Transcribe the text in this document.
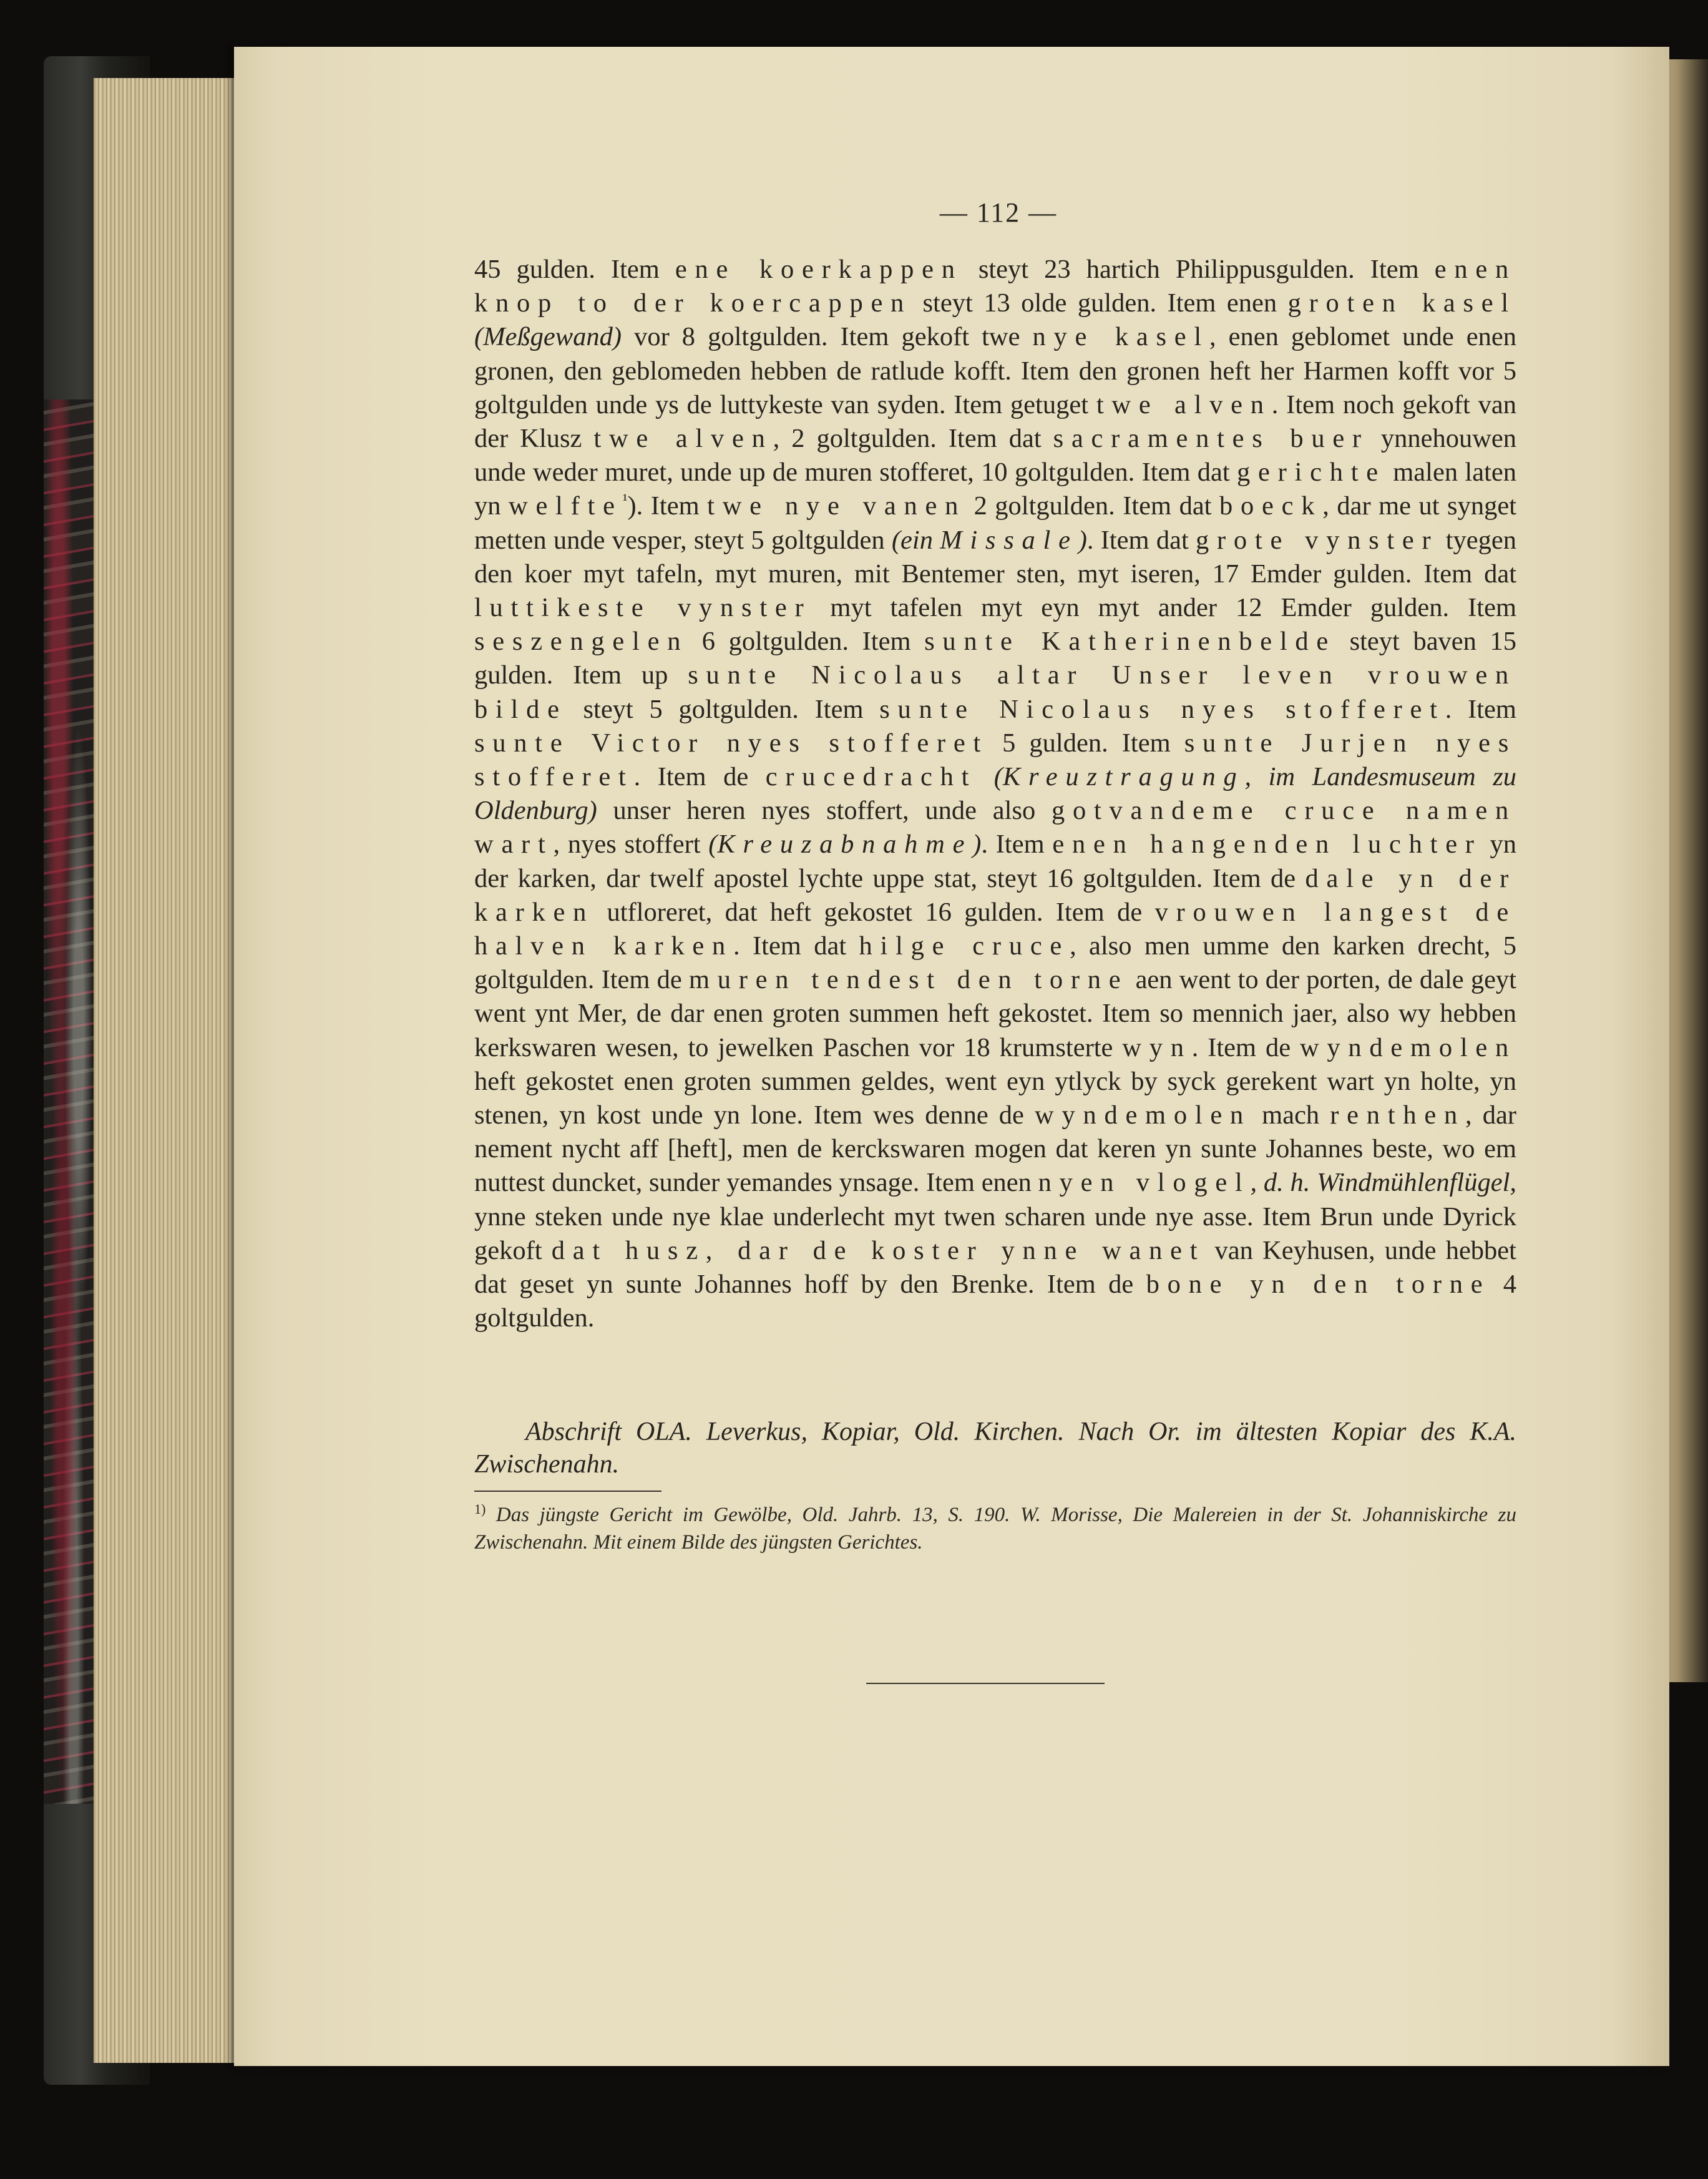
— 112 —

45 gulden. Item ene koerkappen steyt 23 hartich Philippusgulden. Item enen knop to der koercappen steyt 13 olde gulden. Item enen groten kasel (Meßgewand) vor 8 goltgulden. Item gekoft twe nye kasel, enen geblomet unde enen gronen, den geblomeden hebben de ratlude kofft. Item den gronen heft her Harmen kofft vor 5 goltgulden unde ys de luttykeste van syden. Item getuget twe alven. Item noch gekoft van der Klusz twe alven, 2 goltgulden. Item dat sacramentes buer ynnehouwen unde weder muret, unde up de muren stofferet, 10 goltgulden. Item dat gerichte malen laten yn welfte$^{^1}$). Item twe nye vanen 2 goltgulden. Item dat boeck, dar me ut synget metten unde vesper, steyt 5 goltgulden (ein Missale). Item dat grote vynster tyegen den koer myt tafeln, myt muren, mit Bentemer sten, myt iseren, 17 Emder gulden. Item dat luttikeste vynster myt tafelen myt eyn myt ander 12 Emder gulden. Item seszengelen 6 goltgulden. Item sunte Katherinenbelde steyt baven 15 gulden. Item up sunte Nicolaus altar Unser leven vrouwen bilde steyt 5 goltgulden. Item sunte Nicolaus nyes stofferet. Item sunte Victor nyes stofferet 5 gulden. Item sunte Jurjen nyes stofferet. Item de crucedracht (Kreuztragung, im Landesmuseum zu Oldenburg) unser heren nyes stoffert, unde also gotvandeme cruce namen wart, nyes stoffert (Kreuzabnahme). Item enen hangenden luchter yn der karken, dar twelf apostel lychte uppe stat, steyt 16 goltgulden. Item de dale yn der karken utfloreret, dat heft gekostet 16 gulden. Item de vrouwen langest de halven karken. Item dat hilge cruce, also men umme den karken drecht, 5 goltgulden. Item de muren tendest den torne aen went to der porten, de dale geyt went ynt Mer, de dar enen groten summen heft gekostet. Item so mennich jaer, also wy hebben kerkswaren wesen, to jewelken Paschen vor 18 krumsterte wyn. Item de wyndemolen heft gekostet enen groten summen geldes, went eyn ytlyck by syck gerekent wart yn holte, yn stenen, yn kost unde yn lone. Item wes denne de wyndemolen mach renthen, dar nement nycht aff [heft], men de kerckswaren mogen dat keren yn sunte Johannes beste, wo em nuttest duncket, sunder yemandes ynsage. Item enen nyen vlogel, d. h. Windmühlenflügel, ynne steken unde nye klae underlecht myt twen scharen unde nye asse. Item Brun unde Dyrick gekoft dat husz, dar de koster ynne wanet van Keyhusen, unde hebbet dat geset yn sunte Johannes hoff by den Brenke. Item de bone yn den torne 4 goltgulden.

Abschrift OLA. Leverkus, Kopiar, Old. Kirchen. Nach Or. im ältesten Kopiar des K.A. Zwischenahn.
$^{1)}$ Das jüngste Gericht im Gewölbe, Old. Jahrb. 13, S. 190. W. Morisse, Die Malereien in der St. Johanniskirche zu Zwischenahn. Mit einem Bilde des jüngsten Gerichtes.
